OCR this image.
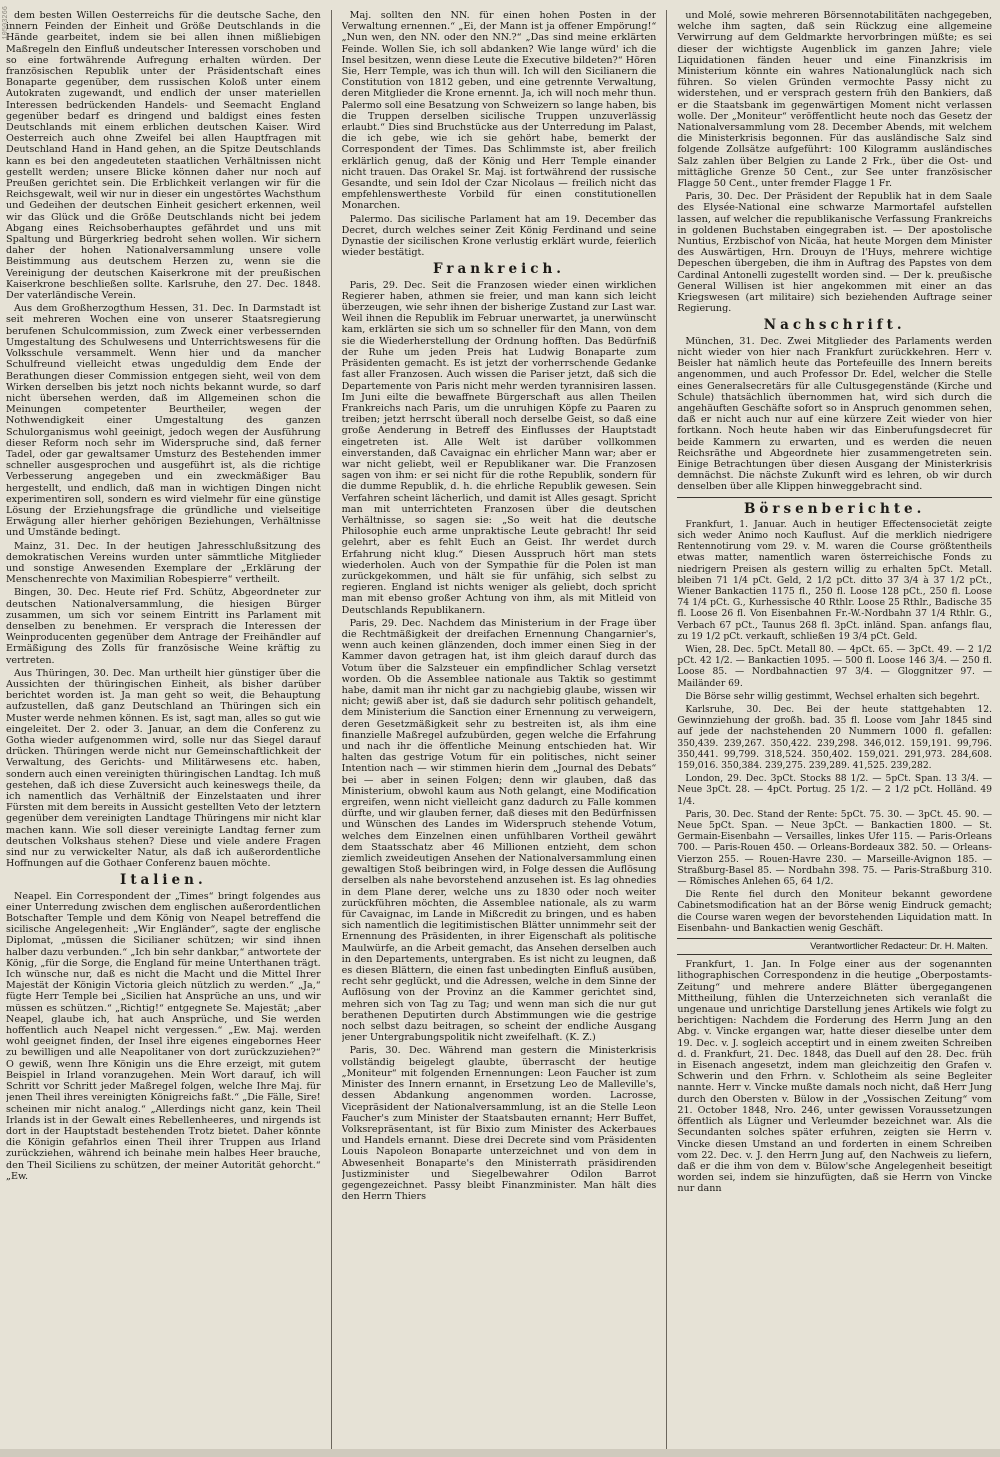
10503266 dem besten Willen Oesterreichs für die deutsche Sache, den innern Feinden der Einheit und Größe Deutschlands in die Hände gearbeitet, indem sie bei allen ihnen mißliebigen Maßregeln den Einfluß undeutscher Interessen vorschoben und so eine fortwährende Aufregung erhalten würden. Der französischen Republik unter der Präsidentschaft eines Bonaparte gegenüber, dem russischen Koloß unter einem Autokraten zugewandt, und endlich der unser materiellen Interessen bedrückenden Handels- und Seemacht England gegenüber bedarf es dringend und baldigst eines festen Deutschlands mit einem erblichen deutschen Kaiser. Wird Oesterreich auch ohne Zweifel bei allen Hauptfragen mit Deutschland Hand in Hand gehen, an die Spitze Deutschlands kann es bei den angedeuteten staatlichen Verhältnissen nicht gestellt werden; unsere Blicke können daher nur noch auf Preußen gerichtet sein. Die Erblichkeit verlangen wir für die Reichsgewalt, weil wir nur in dieser ein ungestörtes Wachsthum und Gedeihen der deutschen Einheit gesichert erkennen, weil wir das Glück und die Größe Deutschlands nicht bei jedem Abgang eines Reichsoberhauptes gefährdet und uns mit Spaltung und Bürgerkrieg bedroht sehen wollen. Wir sichern daher der hohen Nationalversammlung unsere volle Beistimmung aus deutschem Herzen zu, wenn sie die Vereinigung der deutschen Kaiserkrone mit der preußischen Kaiserkrone beschließen sollte. Karlsruhe, den 27. Dec. 1848. Der vaterländische Verein.

Aus dem Großherzogthum Hessen, 31. Dec. In Darmstadt ist seit mehreren Wochen eine von unserer Staatsregierung berufenen Schulcommission, zum Zweck einer verbessernden Umgestaltung des Schulwesens und Unterrichtswesens für die Volksschule versammelt. Wenn hier und da mancher Schulfreund vielleicht etwas ungeduldig dem Ende der Berathungen dieser Commission entgegen sieht, weil von dem Wirken derselben bis jetzt noch nichts bekannt wurde, so darf nicht übersehen werden, daß im Allgemeinen schon die Meinungen competenter Beurtheiler, wegen der Nothwendigkeit einer Umgestaltung des ganzen Schulorganismus wohl geeinigt, jedoch wegen der Ausführung dieser Reform noch sehr im Widerspruche sind, daß ferner Tadel, oder gar gewaltsamer Umsturz des Bestehenden immer schneller ausgesprochen und ausgeführt ist, als die richtige Verbesserung angegeben und ein zweckmäßiger Bau hergestellt, und endlich, daß man in wichtigen Dingen nicht experimentiren soll, sondern es wird vielmehr für eine günstige Lösung der Erziehungsfrage die gründliche und vielseitige Erwägung aller hierher gehörigen Beziehungen, Verhältnisse und Umstände bedingt.

Mainz, 31. Dec. In der heutigen Jahresschlußsitzung des demokratischen Vereins wurden unter sämmtliche Mitglieder und sonstige Anwesenden Exemplare der „Erklärung der Menschenrechte von Maximilian Robespierre“ vertheilt.

Bingen, 30. Dec. Heute rief Frd. Schütz, Abgeordneter zur deutschen Nationalversammlung, die hiesigen Bürger zusammen, um sich vor seinem Eintritt ins Parlament mit denselben zu benehmen. Er versprach die Interessen der Weinproducenten gegenüber dem Antrage der Freihändler auf Ermäßigung des Zolls für französische Weine kräftig zu vertreten.

Aus Thüringen, 30. Dec. Man urtheilt hier günstiger über die Aussichten der thüringischen Einheit, als bisher darüber berichtet worden ist. Ja man geht so weit, die Behauptung aufzustellen, daß ganz Deutschland an Thüringen sich ein Muster werde nehmen können. Es ist, sagt man, alles so gut wie eingeleitet. Der 2. oder 3. Januar, an dem die Conferenz zu Gotha wieder aufgenommen wird, solle nur das Siegel darauf drücken. Thüringen werde nicht nur Gemeinschaftlichkeit der Verwaltung, des Gerichts- und Militärwesens etc. haben, sondern auch einen vereinigten thüringischen Landtag. Ich muß gestehen, daß ich diese Zuversicht auch keineswegs theile, da ich namentlich das Verhältniß der Einzelstaaten und ihrer Fürsten mit dem bereits in Aussicht gestellten Veto der letztern gegenüber dem vereinigten Landtage Thüringens mir nicht klar machen kann. Wie soll dieser vereinigte Landtag ferner zum deutschen Volkshaus stehen? Diese und viele andere Fragen sind nur zu verwickelter Natur, als daß ich außerordentliche Hoffnungen auf die Gothaer Conferenz bauen möchte.

Italien.

Neapel. Ein Correspondent der „Times“ bringt folgendes aus einer Unterredung zwischen dem englischen außerordentlichen Botschafter Temple und dem König von Neapel betreffend die sicilische Angelegenheit: „Wir Engländer“, sagte der englische Diplomat, „müssen die Sicilianer schützen; wir sind ihnen halber dazu verbunden.“ „Ich bin sehr dankbar,“ antwortete der König, „für die Sorge, die England für meine Unterthanen trägt. Ich wünsche nur, daß es nicht die Macht und die Mittel Ihrer Majestät der Königin Victoria gleich nützlich zu werden.“ „Ja,“ fügte Herr Temple bei „Sicilien hat Ansprüche an uns, und wir müssen es schützen.“ „Richtig!“ entgegnete Se. Majestät; „aber Neapel, glaube ich, hat auch Ansprüche, und Sie werden hoffentlich auch Neapel nicht vergessen.“ „Ew. Maj. werden wohl geeignet finden, der Insel ihre eigenes eingebornes Heer zu bewilligen und alle Neapolitaner von dort zurückzuziehen?“ O gewiß, wenn Ihre Königin uns die Ehre erzeigt, mit gutem Beispiel in Irland voranzugehen. Mein Wort darauf, ich will Schritt vor Schritt jeder Maßregel folgen, welche Ihre Maj. für jenen Theil ihres vereinigten Königreichs faßt.“ „Die Fälle, Sire! scheinen mir nicht analog.“ „Allerdings nicht ganz, kein Theil Irlands ist in der Gewalt eines Rebellenheeres, und nirgends ist dort in der Hauptstadt bestehenden Trotz bietet. Daher könnte die Königin gefahrlos einen Theil ihrer Truppen aus Irland zurückziehen, während ich beinahe mein halbes Heer brauche, den Theil Siciliens zu schützen, der meiner Autorität gehorcht.“ „Ew.

Maj. sollten den NN. für einen hohen Posten in der Verwaltung ernennen.“ „Ei, der Mann ist ja offener Empörung!“ „Nun wen, den NN. oder den NN.?“ „Das sind meine erklärten Feinde. Wollen Sie, ich soll abdanken? Wie lange würd' ich die Insel besitzen, wenn diese Leute die Executive bildeten?“ Hören Sie, Herr Temple, was ich thun will. Ich will den Sicilianern die Constitution von 1812 geben, und eine getrennte Verwaltung, deren Mitglieder die Krone ernennt. Ja, ich will noch mehr thun. Palermo soll eine Besatzung von Schweizern so lange haben, bis die Truppen derselben sicilische Truppen unzuverlässig erlaubt.“ Dies sind Bruchstücke aus der Unterredung im Palast, die ich gebe, wie ich sie gehört habe, bemerkt der Correspondent der Times. Das Schlimmste ist, aber freilich erklärlich genug, daß der König und Herr Temple einander nicht trauen. Das Orakel Sr. Maj. ist fortwährend der russische Gesandte, und sein Idol der Czar Nicolaus — freilich nicht das empfehlenswertheste Vorbild für einen constitutionellen Monarchen.

Palermo. Das sicilische Parlament hat am 19. December das Decret, durch welches seiner Zeit König Ferdinand und seine Dynastie der sicilischen Krone verlustig erklärt wurde, feierlich wieder bestätigt.

Frankreich.

Paris, 29. Dec. Seit die Franzosen wieder einen wirklichen Regierer haben, athmen sie freier, und man kann sich leicht überzeugen, wie sehr ihnen der bisherige Zustand zur Last war. Weil ihnen die Republik im Februar unerwartet, ja unerwünscht kam, erklärten sie sich um so schneller für den Mann, von dem sie die Wiederherstellung der Ordnung hofften. Das Bedürfniß der Ruhe um jeden Preis hat Ludwig Bonaparte zum Präsidenten gemacht. Es ist jetzt der vorherrschende Gedanke fast aller Franzosen. Auch wissen die Pariser jetzt, daß sich die Departemente von Paris nicht mehr werden tyrannisiren lassen. Im Juni eilte die bewaffnete Bürgerschaft aus allen Theilen Frankreichs nach Paris, um die unruhigen Köpfe zu Paaren zu treiben; jetzt herrscht überall noch derselbe Geist, so daß eine große Aenderung in Betreff des Einflusses der Hauptstadt eingetreten ist. Alle Welt ist darüber vollkommen einverstanden, daß Cavaignac ein ehrlicher Mann war; aber er war nicht geliebt, weil er Republikaner war. Die Franzosen sagen von ihm: er sei nicht für die rothe Republik, sondern für die dumme Republik, d. h. die ehrliche Republik gewesen. Sein Verfahren scheint lächerlich, und damit ist Alles gesagt. Spricht man mit unterrichteten Franzosen über die deutschen Verhältnisse, so sagen sie: „So weit hat die deutsche Philosophie euch arme unpraktische Leute gebracht! Ihr seid gelehrt, aber es fehlt Euch an Geist. Ihr werdet durch Erfahrung nicht klug.“ Diesen Ausspruch hört man stets wiederholen. Auch von der Sympathie für die Polen ist man zurückgekommen, und hält sie für unfähig, sich selbst zu regieren. England ist nichts weniger als geliebt, doch spricht man mit ebenso großer Achtung von ihm, als mit Mitleid von Deutschlands Republikanern.

Paris, 29. Dec. Nachdem das Ministerium in der Frage über die Rechtmäßigkeit der dreifachen Ernennung Changarnier's, wenn auch keinen glänzenden, doch immer einen Sieg in der Kammer davon getragen hat, ist ihm gleich darauf durch das Votum über die Salzsteuer ein empfindlicher Schlag versetzt worden. Ob die Assemblee nationale aus Taktik so gestimmt habe, damit man ihr nicht gar zu nachgiebig glaube, wissen wir nicht; gewiß aber ist, daß sie dadurch sehr politisch gehandelt, dem Ministerium die Sanction einer Ernennung zu verweigern, deren Gesetzmäßigkeit sehr zu bestreiten ist, als ihm eine finanzielle Maßregel aufzubürden, gegen welche die Erfahrung und nach ihr die öffentliche Meinung entschieden hat. Wir halten das gestrige Votum für ein politisches, nicht seiner Intention nach — wir stimmen hierin dem „Journal des Debats“ bei — aber in seinen Folgen; denn wir glauben, daß das Ministerium, obwohl kaum aus Noth gelangt, eine Modification ergreifen, wenn nicht vielleicht ganz dadurch zu Falle kommen dürfte, und wir glauben ferner, daß dieses mit den Bedürfnissen und Wünschen des Landes im Widerspruch stehende Votum, welches dem Einzelnen einen unfühlbaren Vortheil gewährt dem Staatsschatz aber 46 Millionen entzieht, dem schon ziemlich zweideutigen Ansehen der Nationalversammlung einen gewaltigen Stoß beibringen wird, in Folge dessen die Auflösung derselben als nahe bevorstehend anzusehen ist. Es lag ohnedies in dem Plane derer, welche uns zu 1830 oder noch weiter zurückführen möchten, die Assemblee nationale, als zu warm für Cavaignac, im Lande in Mißcredit zu bringen, und es haben sich namentlich die legitimistischen Blätter unnimmehr seit der Ernennung des Präsidenten, in ihrer Eigenschaft als politische Maulwürfe, an die Arbeit gemacht, das Ansehen derselben auch in den Departements, untergraben. Es ist nicht zu leugnen, daß es diesen Blättern, die einen fast unbedingten Einfluß ausüben, recht sehr geglückt, und die Adressen, welche in dem Sinne der Auflösung von der Provinz an die Kammer gerichtet sind, mehren sich von Tag zu Tag; und wenn man sich die nur gut berathenen Deputirten durch Abstimmungen wie die gestrige noch selbst dazu beitragen, so scheint der endliche Ausgang jener Untergrabungspolitik nicht zweifelhaft. (K. Z.)

Paris, 30. Dec. Während man gestern die Ministerkrisis vollständig beigelegt glaubte, überrascht der heutige „Moniteur“ mit folgenden Ernennungen: Leon Faucher ist zum Minister des Innern ernannt, in Ersetzung Leo de Malleville's, dessen Abdankung angenommen worden. Lacrosse, Vicepräsident der Nationalversammlung, ist an die Stelle Leon Faucher's zum Minister der Staatsbauten ernannt; Herr Buffet, Volksrepräsentant, ist für Bixio zum Minister des Ackerbaues und Handels ernannt. Diese drei Decrete sind vom Präsidenten Louis Napoleon Bonaparte unterzeichnet und von dem in Abwesenheit Bonaparte's den Ministerrath präsidirenden Justizminister und Siegelbewahrer Odilon Barrot gegengezeichnet. Passy bleibt Finanzminister. Man hält dies den Herrn Thiers

und Molé, sowie mehreren Börsennotabilitäten nachgegeben, welche ihm sagten, daß sein Rückzug eine allgemeine Verwirrung auf dem Geldmarkte hervorbringen müßte; es sei dieser der wichtigste Augenblick im ganzen Jahre; viele Liquidationen fänden heuer und eine Finanzkrisis im Ministerium könnte ein wahres Nationalunglück nach sich führen. So vielen Gründen vermochte Passy nicht zu widerstehen, und er versprach gestern früh den Bankiers, daß er die Staatsbank im gegenwärtigen Moment nicht verlassen wolle. Der „Moniteur“ veröffentlicht heute noch das Gesetz der Nationalversammlung vom 28. December Abends, mit welchem die Ministerkrisis begonnen. Für das ausländische Salz sind folgende Zollsätze aufgeführt: 100 Kilogramm ausländisches Salz zahlen über Belgien zu Lande 2 Frk., über die Ost- und mittägliche Grenze 50 Cent., zur See unter französischer Flagge 50 Cent., unter fremder Flagge 1 Fr.

Paris, 30. Dec. Der Präsident der Republik hat in dem Saale des Elysée-National eine schwarze Marmortafel aufstellen lassen, auf welcher die republikanische Verfassung Frankreichs in goldenen Buchstaben eingegraben ist. — Der apostolische Nuntius, Erzbischof von Nicäa, hat heute Morgen dem Minister des Auswärtigen, Hrn. Drouyn de l'Huys, mehrere wichtige Depeschen übergeben, die ihm in Auftrag des Papstes von dem Cardinal Antonelli zugestellt worden sind. — Der k. preußische General Willisen ist hier angekommen mit einer an das Kriegswesen (art militaire) sich beziehenden Auftrage seiner Regierung.

Nachschrift.

München, 31. Dec. Zwei Mitglieder des Parlaments werden nicht wieder von hier nach Frankfurt zurückkehren. Herr v. Beisler hat nämlich heute das Portefeuille des Innern bereits angenommen, und auch Professor Dr. Edel, welcher die Stelle eines Generalsecretärs für alle Cultusgegenstände (Kirche und Schule) thatsächlich übernommen hat, wird sich durch die angehäuften Geschäfte sofort so in Anspruch genommen sehen, daß er nicht auch nur auf eine kürzere Zeit wieder von hier fortkann. Noch heute haben wir das Einberufungsdecret für beide Kammern zu erwarten, und es werden die neuen Reichsräthe und Abgeordnete hier zusammengetreten sein. Einige Betrachtungen über diesen Ausgang der Ministerkrisis demnächst. Die nächste Zukunft wird es lehren, ob wir durch denselben über alle Klippen hinweggebracht sind.

Börsenberichte.

Frankfurt, 1. Januar. Auch in heutiger Effectensocietät zeigte sich weder Animo noch Kauflust. Auf die merklich niedrigere Rentennotirung vom 29. v. M. waren die Course größtentheils etwas matter, namentlich waren österreichische Fonds zu niedrigern Preisen als gestern willig zu erhalten 5pCt. Metall. bleiben 71 1/4 pCt. Geld, 2 1/2 pCt. ditto 37 3/4 à 37 1/2 pCt., Wiener Bankactien 1175 fl., 250 fl. Loose 128 pCt., 250 fl. Loose 74 1/4 pCt. G., Kurhessische 40 Rthlr. Loose 25 Rthlr., Badische 35 fl. Loose 26 fl. Von Eisenbahnen Fr.-W.-Nordbahn 37 1/4 Rthlr. G., Verbach 67 pCt., Taunus 268 fl. 3pCt. inländ. Span. anfangs flau, zu 19 1/2 pCt. verkauft, schließen 19 3/4 pCt. Geld.

Wien, 28. Dec. 5pCt. Metall 80. — 4pCt. 65. — 3pCt. 49. — 2 1/2 pCt. 42 1/2. — Bankactien 1095. — 500 fl. Loose 146 3/4. — 250 fl. Loose 85. — Nordbahnactien 97 3/4. — Gloggnitzer 97. — Mailänder 69.

Die Börse sehr willig gestimmt, Wechsel erhalten sich begehrt.

Karlsruhe, 30. Dec. Bei der heute stattgehabten 12. Gewinnziehung der großh. bad. 35 fl. Loose vom Jahr 1845 sind auf jede der nachstehenden 20 Nummern 1000 fl. gefallen: 350,439. 239,267. 350,422. 239,298. 346,012. 159,191. 99,796. 350,441. 99,799. 318,524. 350,402. 159,021. 291,973. 284,608. 159,016. 350,384. 239,275. 239,289. 41,525. 239,282.

London, 29. Dec. 3pCt. Stocks 88 1/2. — 5pCt. Span. 13 3/4. — Neue 3pCt. 28. — 4pCt. Portug. 25 1/2. — 2 1/2 pCt. Holländ. 49 1/4.

Paris, 30. Dec. Stand der Rente: 5pCt. 75. 30. — 3pCt. 45. 90. — Neue 5pCt. Span. — Neue 3pCt. — Bankactien 1800. — St. Germain-Eisenbahn — Versailles, linkes Ufer 115. — Paris-Orleans 700. — Paris-Rouen 450. — Orleans-Bordeaux 382. 50. — Orleans-Vierzon 255. — Rouen-Havre 230. — Marseille-Avignon 185. — Straßburg-Basel 85. — Nordbahn 398. 75. — Paris-Straßburg 310. — Römisches Anlehen 65, 64 1/2.

Die Rente fiel durch den Moniteur bekannt gewordene Cabinetsmodification hat an der Börse wenig Eindruck gemacht; die Course waren wegen der bevorstehenden Liquidation matt. In Eisenbahn- und Bankactien wenig Geschäft.

Verantwortlicher Redacteur: Dr. H. Malten.

Frankfurt, 1. Jan. In Folge einer aus der sogenannten lithographischen Correspondenz in die heutige „Oberpostamts-Zeitung“ und mehrere andere Blätter übergegangenen Mittheilung, fühlen die Unterzeichneten sich veranlaßt die ungenaue und unrichtige Darstellung jenes Artikels wie folgt zu berichtigen: Nachdem die Forderung des Herrn Jung an den Abg. v. Vincke ergangen war, hatte dieser dieselbe unter dem 19. Dec. v. J. sogleich acceptirt und in einem zweiten Schreiben d. d. Frankfurt, 21. Dec. 1848, das Duell auf den 28. Dec. früh in Eisenach angesetzt, indem man gleichzeitig den Grafen v. Schwerin und den Frhrn. v. Schlotheim als seine Begleiter nannte. Herr v. Vincke mußte damals noch nicht, daß Herr Jung durch den Obersten v. Bülow in der „Vossischen Zeitung“ vom 21. October 1848, Nro. 246, unter gewissen Voraussetzungen öffentlich als Lügner und Verleumder bezeichnet war. Als die Secundanten solches später erfuhren, zeigten sie Herrn v. Vincke diesen Umstand an und forderten in einem Schreiben vom 22. Dec. v. J. den Herrn Jung auf, den Nachweis zu liefern, daß er die ihm von dem v. Bülow'sche Angelegenheit beseitigt worden sei, indem sie hinzufügten, daß sie Herrn von Vincke nur dann
